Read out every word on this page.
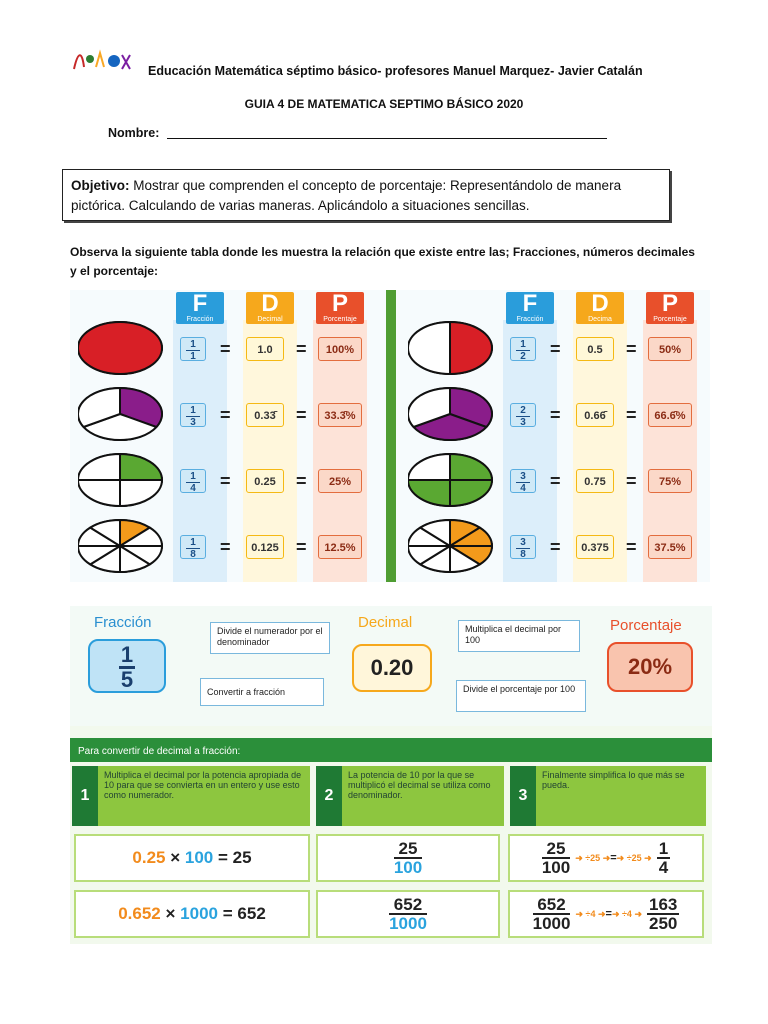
Educación Matemática séptimo básico- profesores Manuel Marquez- Javier Catalán
GUIA 4 DE MATEMATICA SEPTIMO BÁSICO 2020
Nombre:
Objetivo: Mostrar que comprenden el concepto de porcentaje: Representándolo de manera pictórica. Calculando de varias maneras. Aplicándolo a situaciones sencillas.
Observa la siguiente tabla donde les muestra la relación que existe entre las; Fracciones, números decimales y el porcentaje:
F
Fracción
D
Decimal
P
Porcentaje
1
1	=	1.0	=	100%
1
3	=	0.33̄	=	33.3̄%
1
4	=	0.25	=	25%
1
8	=	0.125 =	12.5%
F
Fracción
D
Decima
P
Porcentaje
1
2	=	0.5	=	50%
2
3	=	0.66̄	=	66.6̄%
3
4	=	0.75	=	75%
3
8	=	0.375 =	37.5%
Fracción	Decimal	Porcentaje
$\frac{1}{5}$	0.20	20%
Divide el numerador por el denominador
Convertir a fracción
Multiplica el decimal por 100
Divide el porcentaje por 100
Para convertir de decimal a fracción:
1
Multiplica el decimal por la potencia apropiada de 10 para que se convierta en un entero y use esto como numerador.	2
La potencia de 10 por la que se multiplicó el decimal se utiliza como denominador.	3
Finalmente simplifica lo que más se pueda.
0.25 × 100 = 25	$\frac{25}{100}$	$\frac{25}{100}$ ➜ ÷25 ➜=➜ ÷25 ➜ $\frac{1}{4}$
0.652 × 1000 = 652	$\frac{652}{1000}$	$\frac{652}{1000}$ ➜ ÷4 ➜=➜ ÷4 ➜ $\frac{163}{250}$
